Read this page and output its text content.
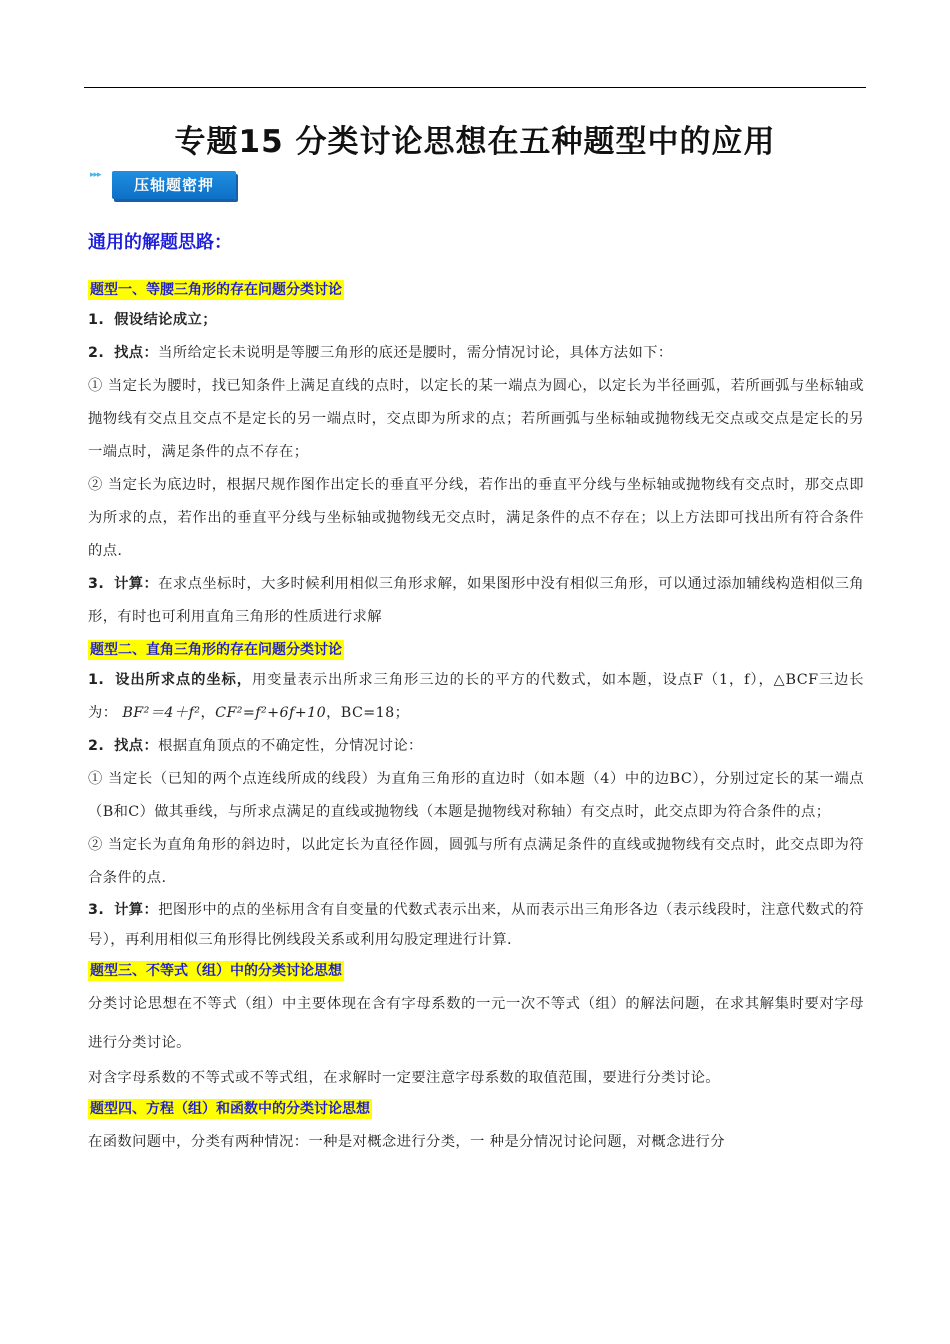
专题15 分类讨论思想在五种题型中的应用
▸▸▸
压轴题密押
通用的解题思路：
题型一、等腰三角形的存在问题分类讨论

1. 假设结论成立；

2. 找点：当所给定长未说明是等腰三角形的底还是腰时，需分情况讨论，具体方法如下：

① 当定长为腰时，找已知条件上满足直线的点时，以定长的某一端点为圆心，以定长为半径画弧，若所画弧与坐标轴或抛物线有交点且交点不是定长的另一端点时，交点即为所求的点；若所画弧与坐标轴或抛物线无交点或交点是定长的另一端点时，满足条件的点不存在；

② 当定长为底边时，根据尺规作图作出定长的垂直平分线，若作出的垂直平分线与坐标轴或抛物线有交点时，那交点即为所求的点，若作出的垂直平分线与坐标轴或抛物线无交点时，满足条件的点不存在；以上方法即可找出所有符合条件的点.

3. 计算：在求点坐标时，大多时候利用相似三角形求解，如果图形中没有相似三角形，可以通过添加辅线构造相似三角形，有时也可利用直角三角形的性质进行求解

题型二、直角三角形的存在问题分类讨论

1. 设出所求点的坐标，用变量表示出所求三角形三边的长的平方的代数式，如本题，设点F（1，f），△BCF三边长为： BF²＝4＋f²，CF²=f²+6f+10，BC=18；

2. 找点：根据直角顶点的不确定性，分情况讨论：

① 当定长（已知的两个点连线所成的线段）为直角三角形的直边时（如本题（4）中的边BC），分别过定长的某一端点（B和C）做其垂线，与所求点满足的直线或抛物线（本题是抛物线对称轴）有交点时，此交点即为符合条件的点；

② 当定长为直角角形的斜边时，以此定长为直径作圆，圆弧与所有点满足条件的直线或抛物线有交点时，此交点即为符合条件的点.

3. 计算：把图形中的点的坐标用含有自变量的代数式表示出来，从而表示出三角形各边（表示线段时，注意代数式的符号），再利用相似三角形得比例线段关系或利用勾股定理进行计算.

题型三、不等式（组）中的分类讨论思想

分类讨论思想在不等式（组）中主要体现在含有字母系数的一元一次不等式（组）的解法问题，在求其解集时要对字母进行分类讨论。

对含字母系数的不等式或不等式组，在求解时一定要注意字母系数的取值范围，要进行分类讨论。

题型四、方程（组）和函数中的分类讨论思想

在函数问题中，分类有两种情况：一种是对概念进行分类，一 种是分情况讨论问题，对概念进行分
